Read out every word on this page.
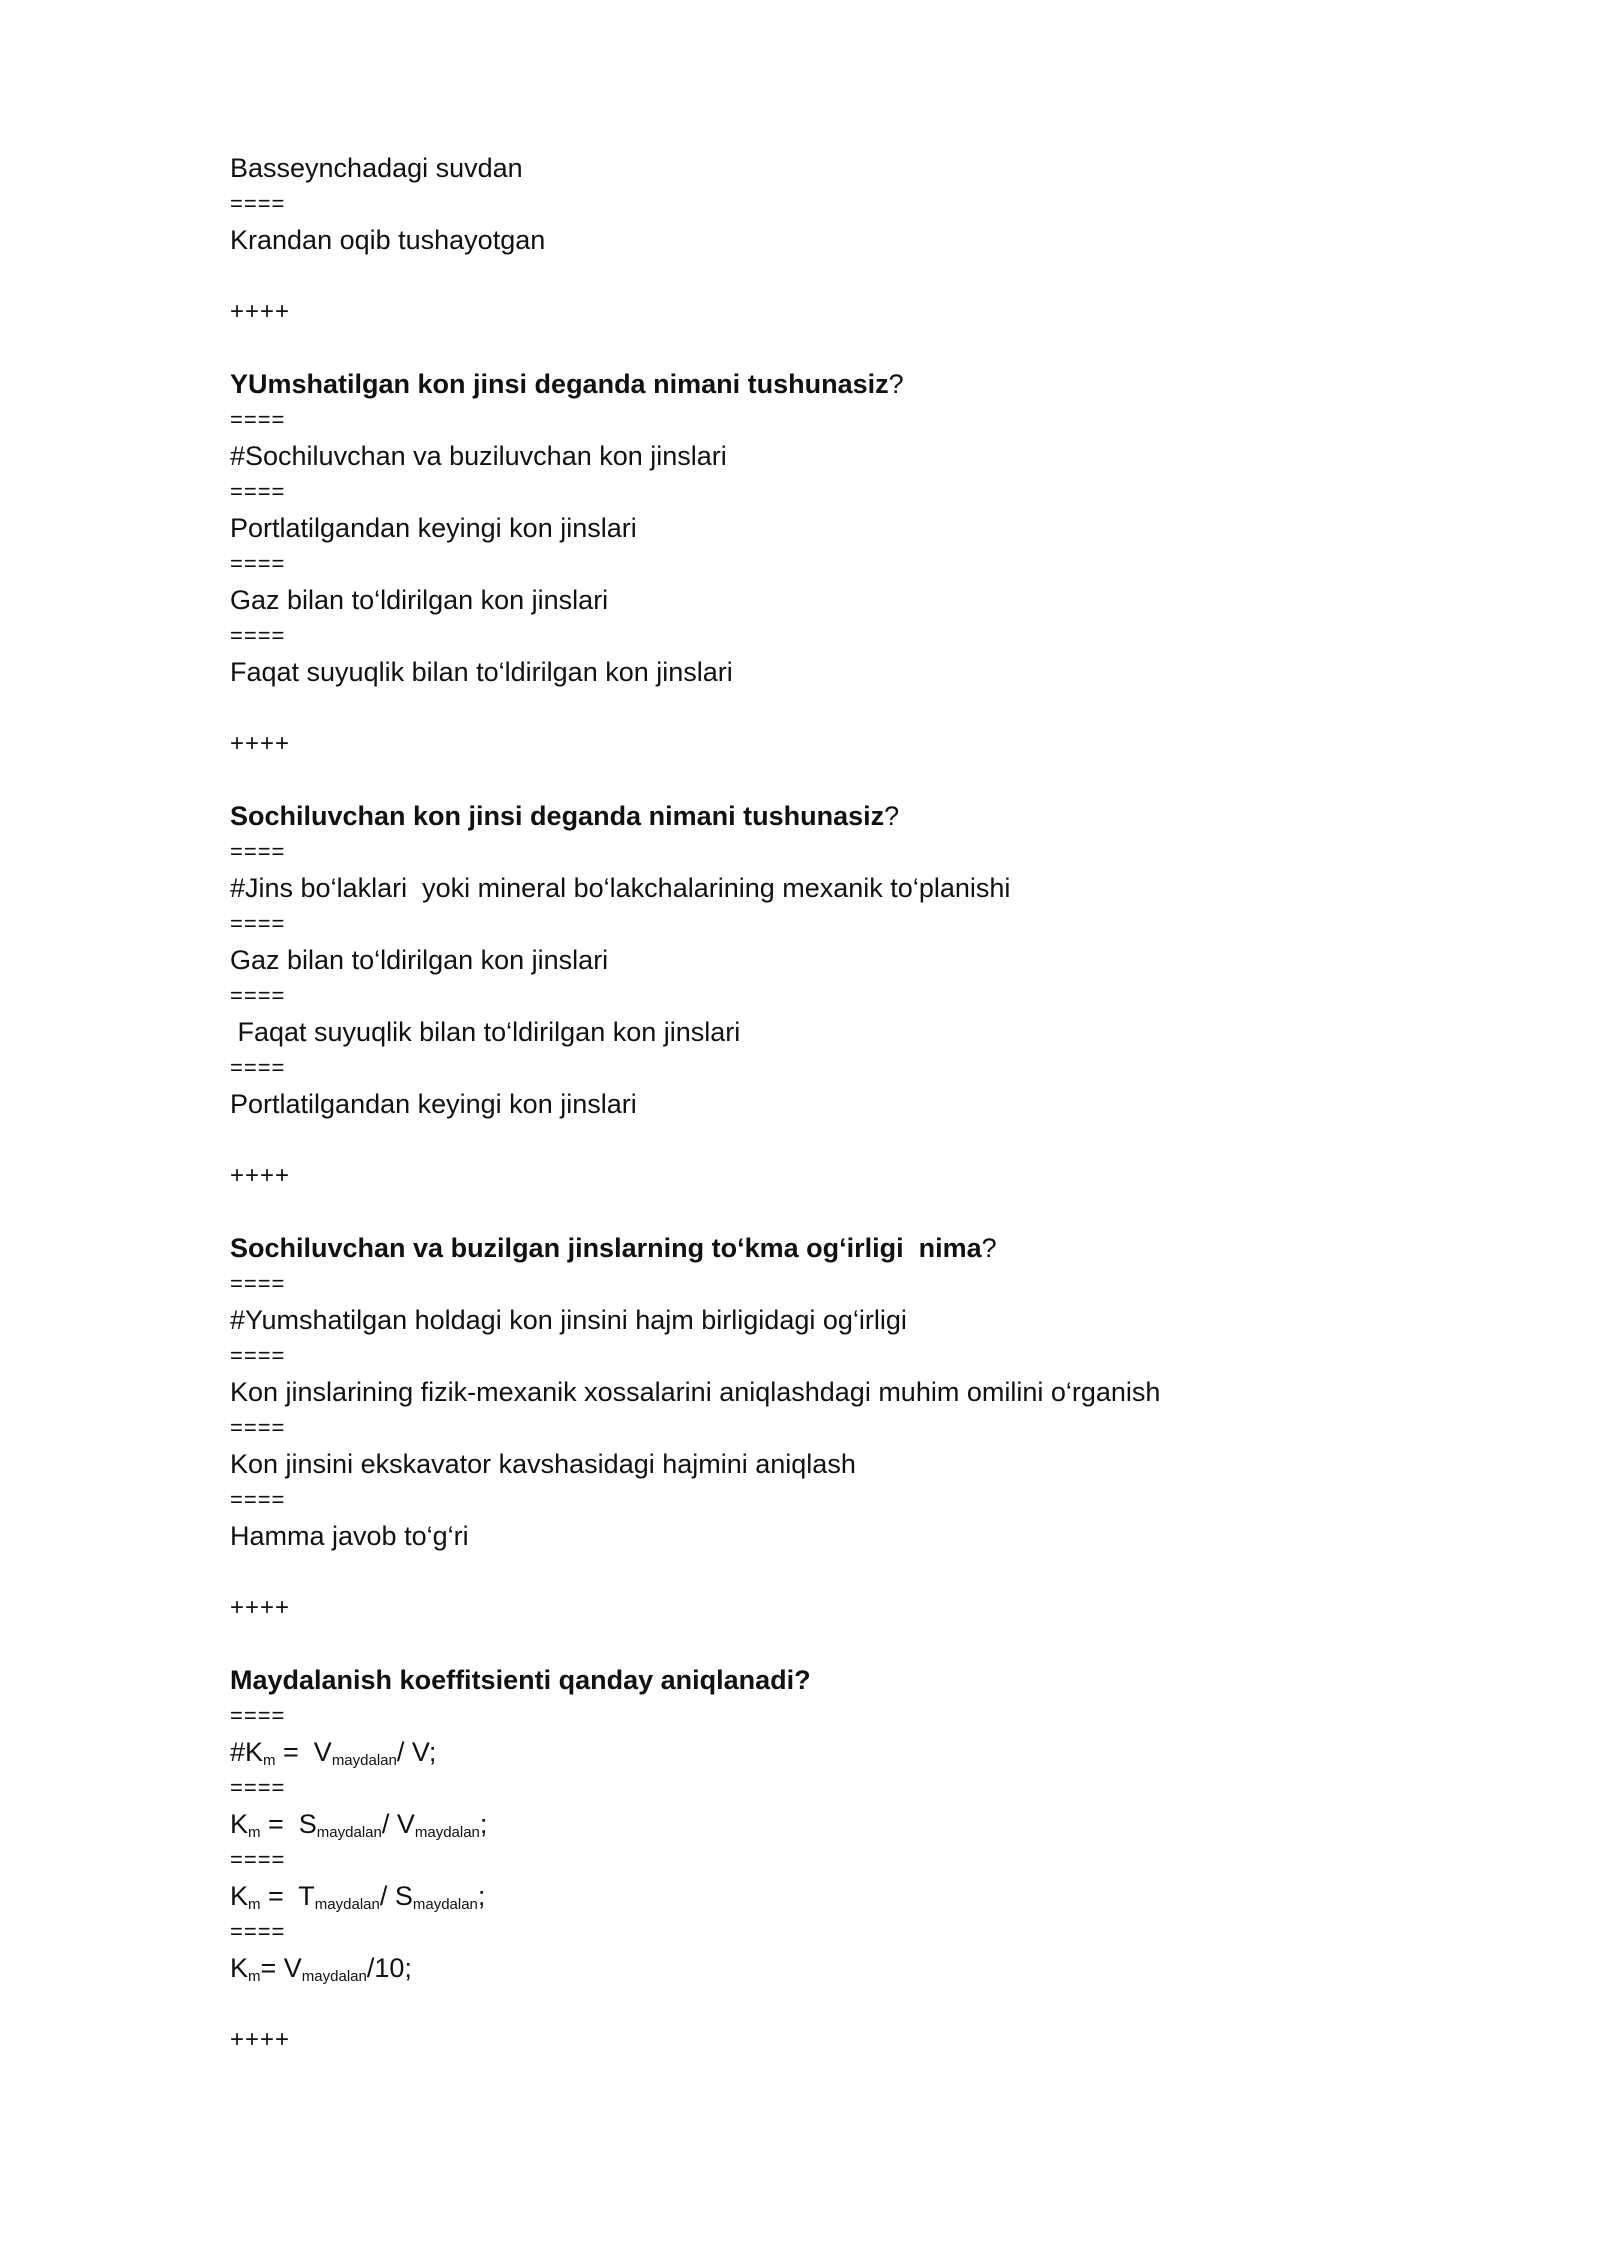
Basseynchadagi suvdan
====
Krandan oqib tushayotgan
++++
YUmshatilgan kon jinsi deganda nimani tushunasiz?
====
#Sochiluvchan va buziluvchan kon jinslari
====
Portlatilgandan keyingi kon jinslari
====
Gaz bilan to‘ldirilgan kon jinslari
====
Faqat suyuqlik bilan to‘ldirilgan kon jinslari
++++
Sochiluvchan kon jinsi deganda nimani tushunasiz?
====
#Jins bo‘laklari  yoki mineral bo‘lakchalarining mexanik to‘planishi
====
Gaz bilan to‘ldirilgan kon jinslari
====
Faqat suyuqlik bilan to‘ldirilgan kon jinslari
====
Portlatilgandan keyingi kon jinslari
++++
Sochiluvchan va buzilgan jinslarning to‘kma og‘irligi  nima?
====
#Yumshatilgan holdagi kon jinsini hajm birligidagi og‘irligi
====
Kon jinslarining fizik-mexanik xossalarini aniqlashdagi muhim omilini o‘rganish
====
Kon jinsini ekskavator kavshasidagi hajmini aniqlash
====
Hamma javob to‘g‘ri
++++
Maydalanish koeffitsienti qanday aniqlanadi?
====
$\#K_m = V_{maydalan}/$ V;
====
$K_m = S_{maydalan}/$ $V_{maydalan}$;
====
$K_m = T_{maydalan}/$ $S_{maydalan}$;
====
$K_m= V_{maydalan}/10$;
++++
